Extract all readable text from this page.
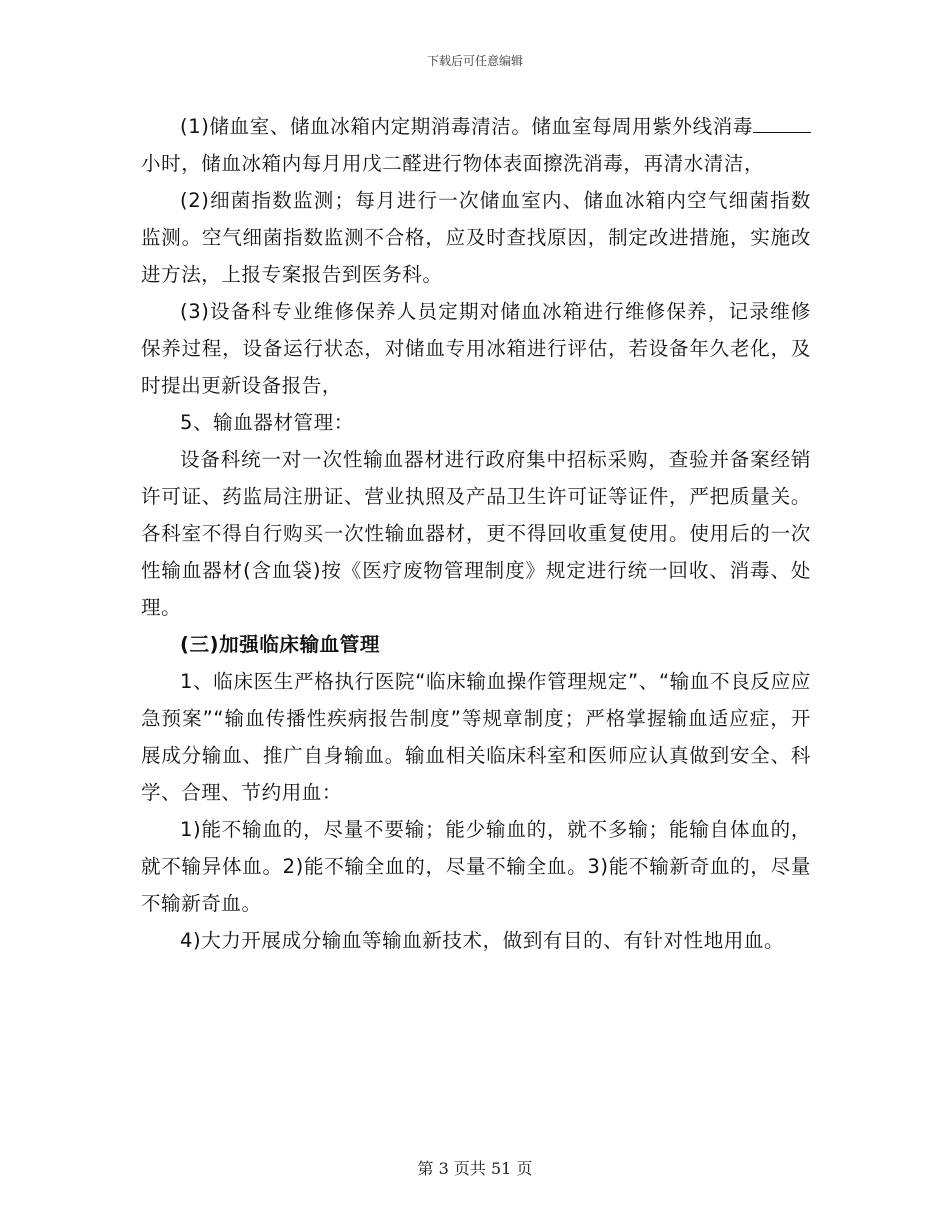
下载后可任意编辑

(1)储血室、储血冰箱内定期消毒清洁。储血室每周用紫外线消毒小时，储血冰箱内每月用戊二醛进行物体表面擦洗消毒，再清水清洁，

(2)细菌指数监测；每月进行一次储血室内、储血冰箱内空气细菌指数监测。空气细菌指数监测不合格，应及时查找原因，制定改进措施，实施改进方法，上报专案报告到医务科。

(3)设备科专业维修保养人员定期对储血冰箱进行维修保养，记录维修保养过程，设备运行状态，对储血专用冰箱进行评估，若设备年久老化，及时提出更新设备报告，

5、输血器材管理：

设备科统一对一次性输血器材进行政府集中招标采购，查验并备案经销许可证、药监局注册证、营业执照及产品卫生许可证等证件，严把质量关。各科室不得自行购买一次性输血器材，更不得回收重复使用。使用后的一次性输血器材(含血袋)按《医疗废物管理制度》规定进行统一回收、消毒、处理。

(三)加强临床输血管理

1、临床医生严格执行医院“临床输血操作管理规定”、“输血不良反应应急预案”“输血传播性疾病报告制度”等规章制度；严格掌握输血适应症，开展成分输血、推广自身输血。输血相关临床科室和医师应认真做到安全、科学、合理、节约用血：

1)能不输血的，尽量不要输；能少输血的，就不多输；能输自体血的，就不输异体血。2)能不输全血的，尽量不输全血。3)能不输新奇血的，尽量不输新奇血。

4)大力开展成分输血等输血新技术，做到有目的、有针对性地用血。

第 3 页共 51 页
